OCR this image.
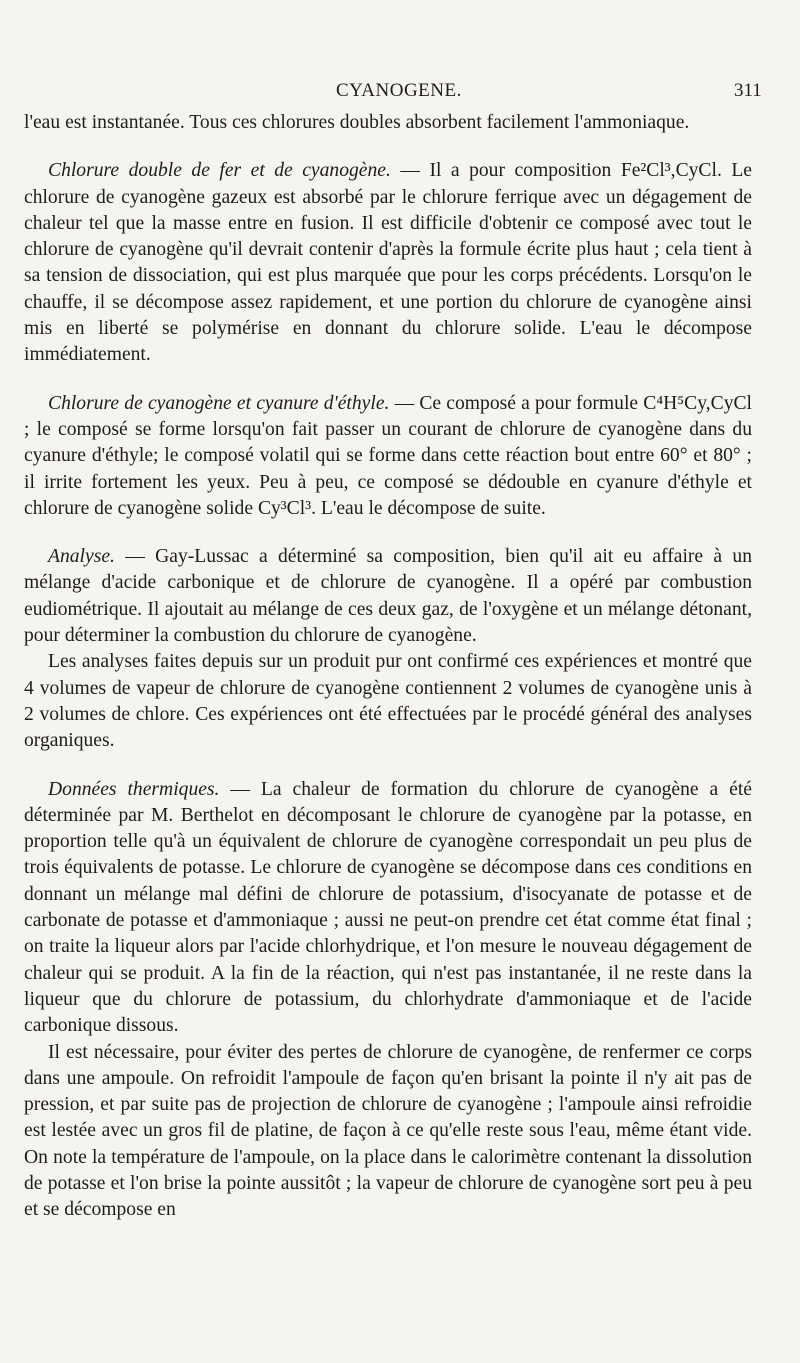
CYANOGENE.	311

l'eau est instantanée. Tous ces chlorures doubles absorbent facilement l'ammoniaque.

Chlorure double de fer et de cyanogène. — Il a pour composition Fe²Cl³,CyCl. Le chlorure de cyanogène gazeux est absorbé par le chlorure ferrique avec un dégagement de chaleur tel que la masse entre en fusion. Il est difficile d'obtenir ce composé avec tout le chlorure de cyanogène qu'il devrait contenir d'après la formule écrite plus haut ; cela tient à sa tension de dissociation, qui est plus marquée que pour les corps précédents. Lorsqu'on le chauffe, il se décompose assez rapidement, et une portion du chlorure de cyanogène ainsi mis en liberté se polymérise en donnant du chlorure solide. L'eau le décompose immédiatement.

Chlorure de cyanogène et cyanure d'éthyle. — Ce composé a pour formule C⁴H⁵Cy,CyCl ; le composé se forme lorsqu'on fait passer un courant de chlorure de cyanogène dans du cyanure d'éthyle; le composé volatil qui se forme dans cette réaction bout entre 60° et 80° ; il irrite fortement les yeux. Peu à peu, ce composé se dédouble en cyanure d'éthyle et chlorure de cyanogène solide Cy³Cl³. L'eau le décompose de suite.

Analyse. — Gay-Lussac a déterminé sa composition, bien qu'il ait eu affaire à un mélange d'acide carbonique et de chlorure de cyanogène. Il a opéré par combustion eudiométrique. Il ajoutait au mélange de ces deux gaz, de l'oxygène et un mélange détonant, pour déterminer la combustion du chlorure de cyanogène.

Les analyses faites depuis sur un produit pur ont confirmé ces expériences et montré que 4 volumes de vapeur de chlorure de cyanogène contiennent 2 volumes de cyanogène unis à 2 volumes de chlore. Ces expériences ont été effectuées par le procédé général des analyses organiques.

Données thermiques. — La chaleur de formation du chlorure de cyanogène a été déterminée par M. Berthelot en décomposant le chlorure de cyanogène par la potasse, en proportion telle qu'à un équivalent de chlorure de cyanogène correspondait un peu plus de trois équivalents de potasse. Le chlorure de cyanogène se décompose dans ces conditions en donnant un mélange mal défini de chlorure de potassium, d'isocyanate de potasse et de carbonate de potasse et d'ammoniaque ; aussi ne peut-on prendre cet état comme état final ; on traite la liqueur alors par l'acide chlorhydrique, et l'on mesure le nouveau dégagement de chaleur qui se produit. A la fin de la réaction, qui n'est pas instantanée, il ne reste dans la liqueur que du chlorure de potassium, du chlorhydrate d'ammoniaque et de l'acide carbonique dissous.

Il est nécessaire, pour éviter des pertes de chlorure de cyanogène, de renfermer ce corps dans une ampoule. On refroidit l'ampoule de façon qu'en brisant la pointe il n'y ait pas de pression, et par suite pas de projection de chlorure de cyanogène ; l'ampoule ainsi refroidie est lestée avec un gros fil de platine, de façon à ce qu'elle reste sous l'eau, même étant vide. On note la température de l'ampoule, on la place dans le calorimètre contenant la dissolution de potasse et l'on brise la pointe aussitôt ; la vapeur de chlorure de cyanogène sort peu à peu et se décompose en
